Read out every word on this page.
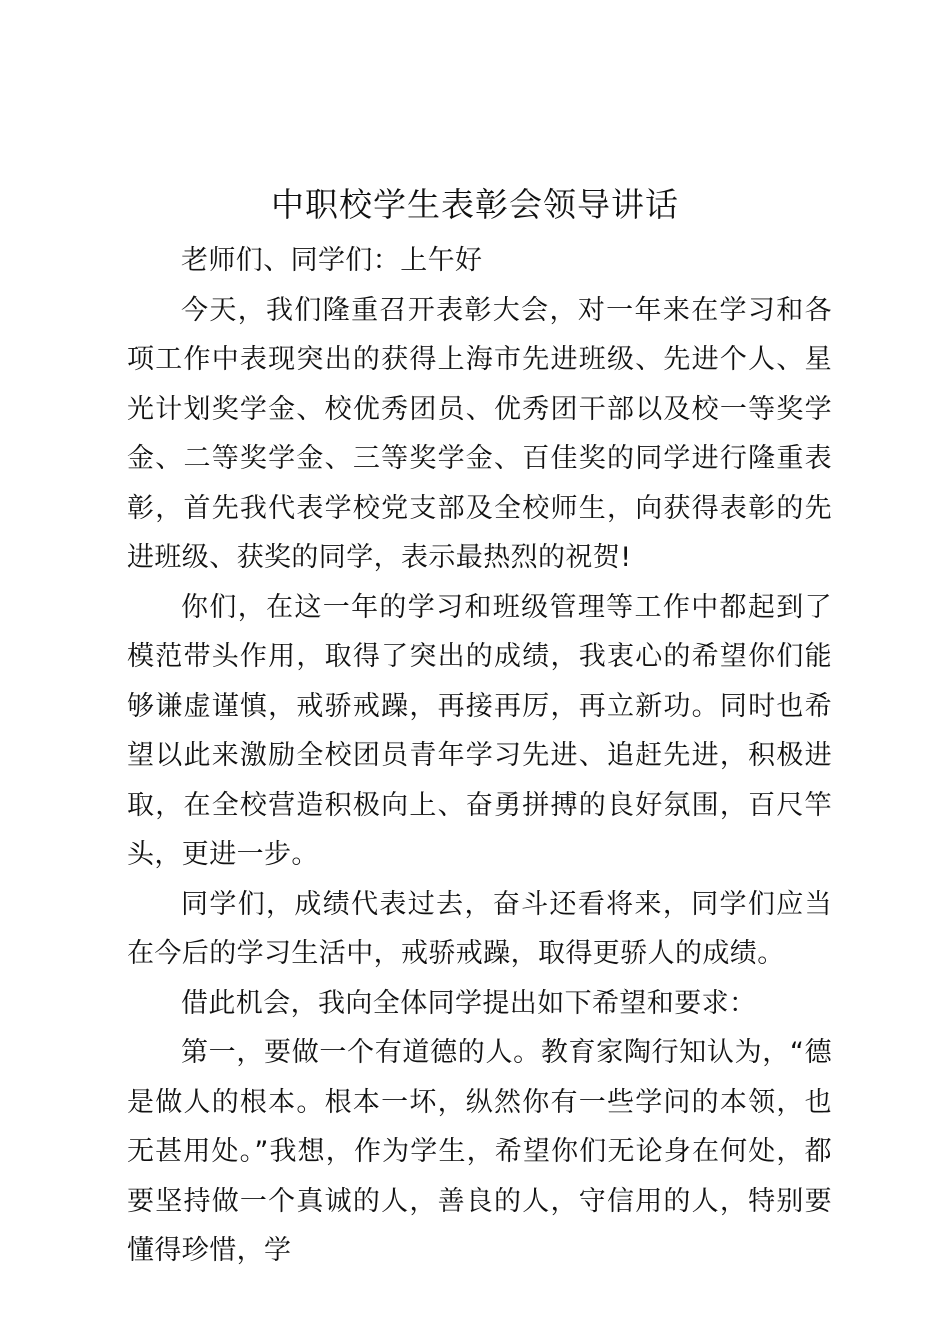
中职校学生表彰会领导讲话

老师们、同学们：上午好

今天，我们隆重召开表彰大会，对一年来在学习和各项工作中表现突出的获得上海市先进班级、先进个人、星光计划奖学金、校优秀团员、优秀团干部以及校一等奖学金、二等奖学金、三等奖学金、百佳奖的同学进行隆重表彰，首先我代表学校党支部及全校师生，向获得表彰的先进班级、获奖的同学，表示最热烈的祝贺!

你们，在这一年的学习和班级管理等工作中都起到了模范带头作用，取得了突出的成绩，我衷心的希望你们能够谦虚谨慎，戒骄戒躁，再接再厉，再立新功。同时也希望以此来激励全校团员青年学习先进、追赶先进，积极进取，在全校营造积极向上、奋勇拼搏的良好氛围，百尺竿头，更进一步。

同学们，成绩代表过去，奋斗还看将来，同学们应当在今后的学习生活中，戒骄戒躁，取得更骄人的成绩。

借此机会，我向全体同学提出如下希望和要求：

第一，要做一个有道德的人。教育家陶行知认为，“德是做人的根本。根本一坏，纵然你有一些学问的本领，也无甚用处。”我想，作为学生，希望你们无论身在何处，都要坚持做一个真诚的人，善良的人，守信用的人，特别要懂得珍惜，学
